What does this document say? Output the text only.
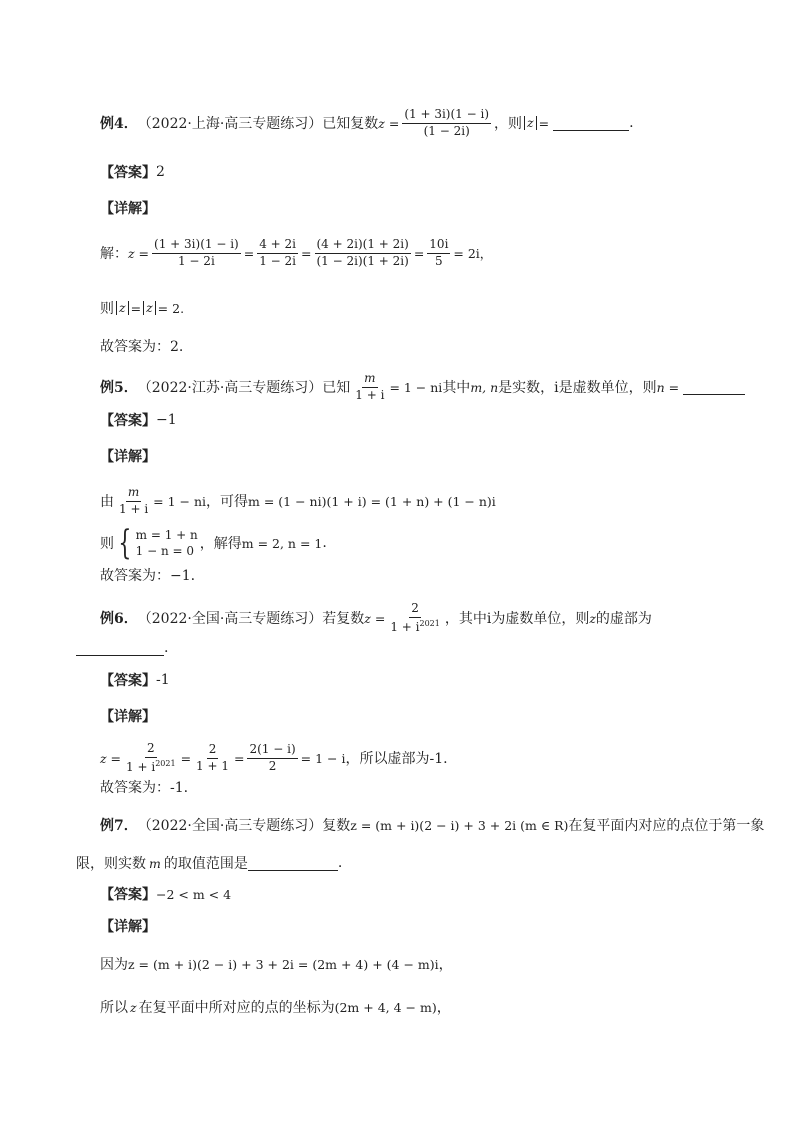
例4． （2022·上海·高三专题练习） 已知复数 $z = \frac{(1 + 3i)(1 - i)}{(1 - 2i)}$ ，则 z =	.
【答案】 2
【详解】
解： $z = \frac{(1 + 3i)(1 - i)}{1 - 2i} = \frac{4 + 2i}{1 - 2i} = \frac{(4 + 2i)(1 + 2i)}{(1 - 2i)(1 + 2i)} = \frac{10i}{5} = 2i$，
则 z = z = 2.
故答案为：2.
例5． （2022·江苏·高三专题练习） 已知 $\frac{m}{1 + i} = 1$ − ni 其中 m, n 是实数，i是虚数单位，则 n =
【答案】 −1
【详解】
由 $\frac{m}{1 + i} = 1$ − ni ，可得 m = (1 − ni)(1 + i) = (1 + n) + (1 − n)i
则 { m = 1 + n
1 − n = 0 ，解得 m = 2, n = 1 .
故答案为：−1.
例6． （2022·全国·高三专题练习） 若复数 $z = \frac{2}{1 + i^{2021}}$ ，其中i为虚数单位，则 z 的虚部为
.
【答案】 -1
【详解】
$z = \frac{2}{1 + i^{2021}} = \frac{2}{1 + 1} = \frac{2(1 - i)}{2} = 1 - i$ ，所以虚部为-1.
故答案为：-1.
例7． （2022·全国·高三专题练习） 复数 z = (m + i)(2 − i) + 3 + 2i (m ∈ R) 在复平面内对应的点位于第一象
限，则实数 m 的取值范围是	.
【答案】 −2 < m < 4
【详解】
因为 z = (m + i)(2 − i) + 3 + 2i = (2m + 4) + (4 − m)i ，
所以 z 在复平面中所对应的点的坐标为 (2m + 4, 4 − m) ，
